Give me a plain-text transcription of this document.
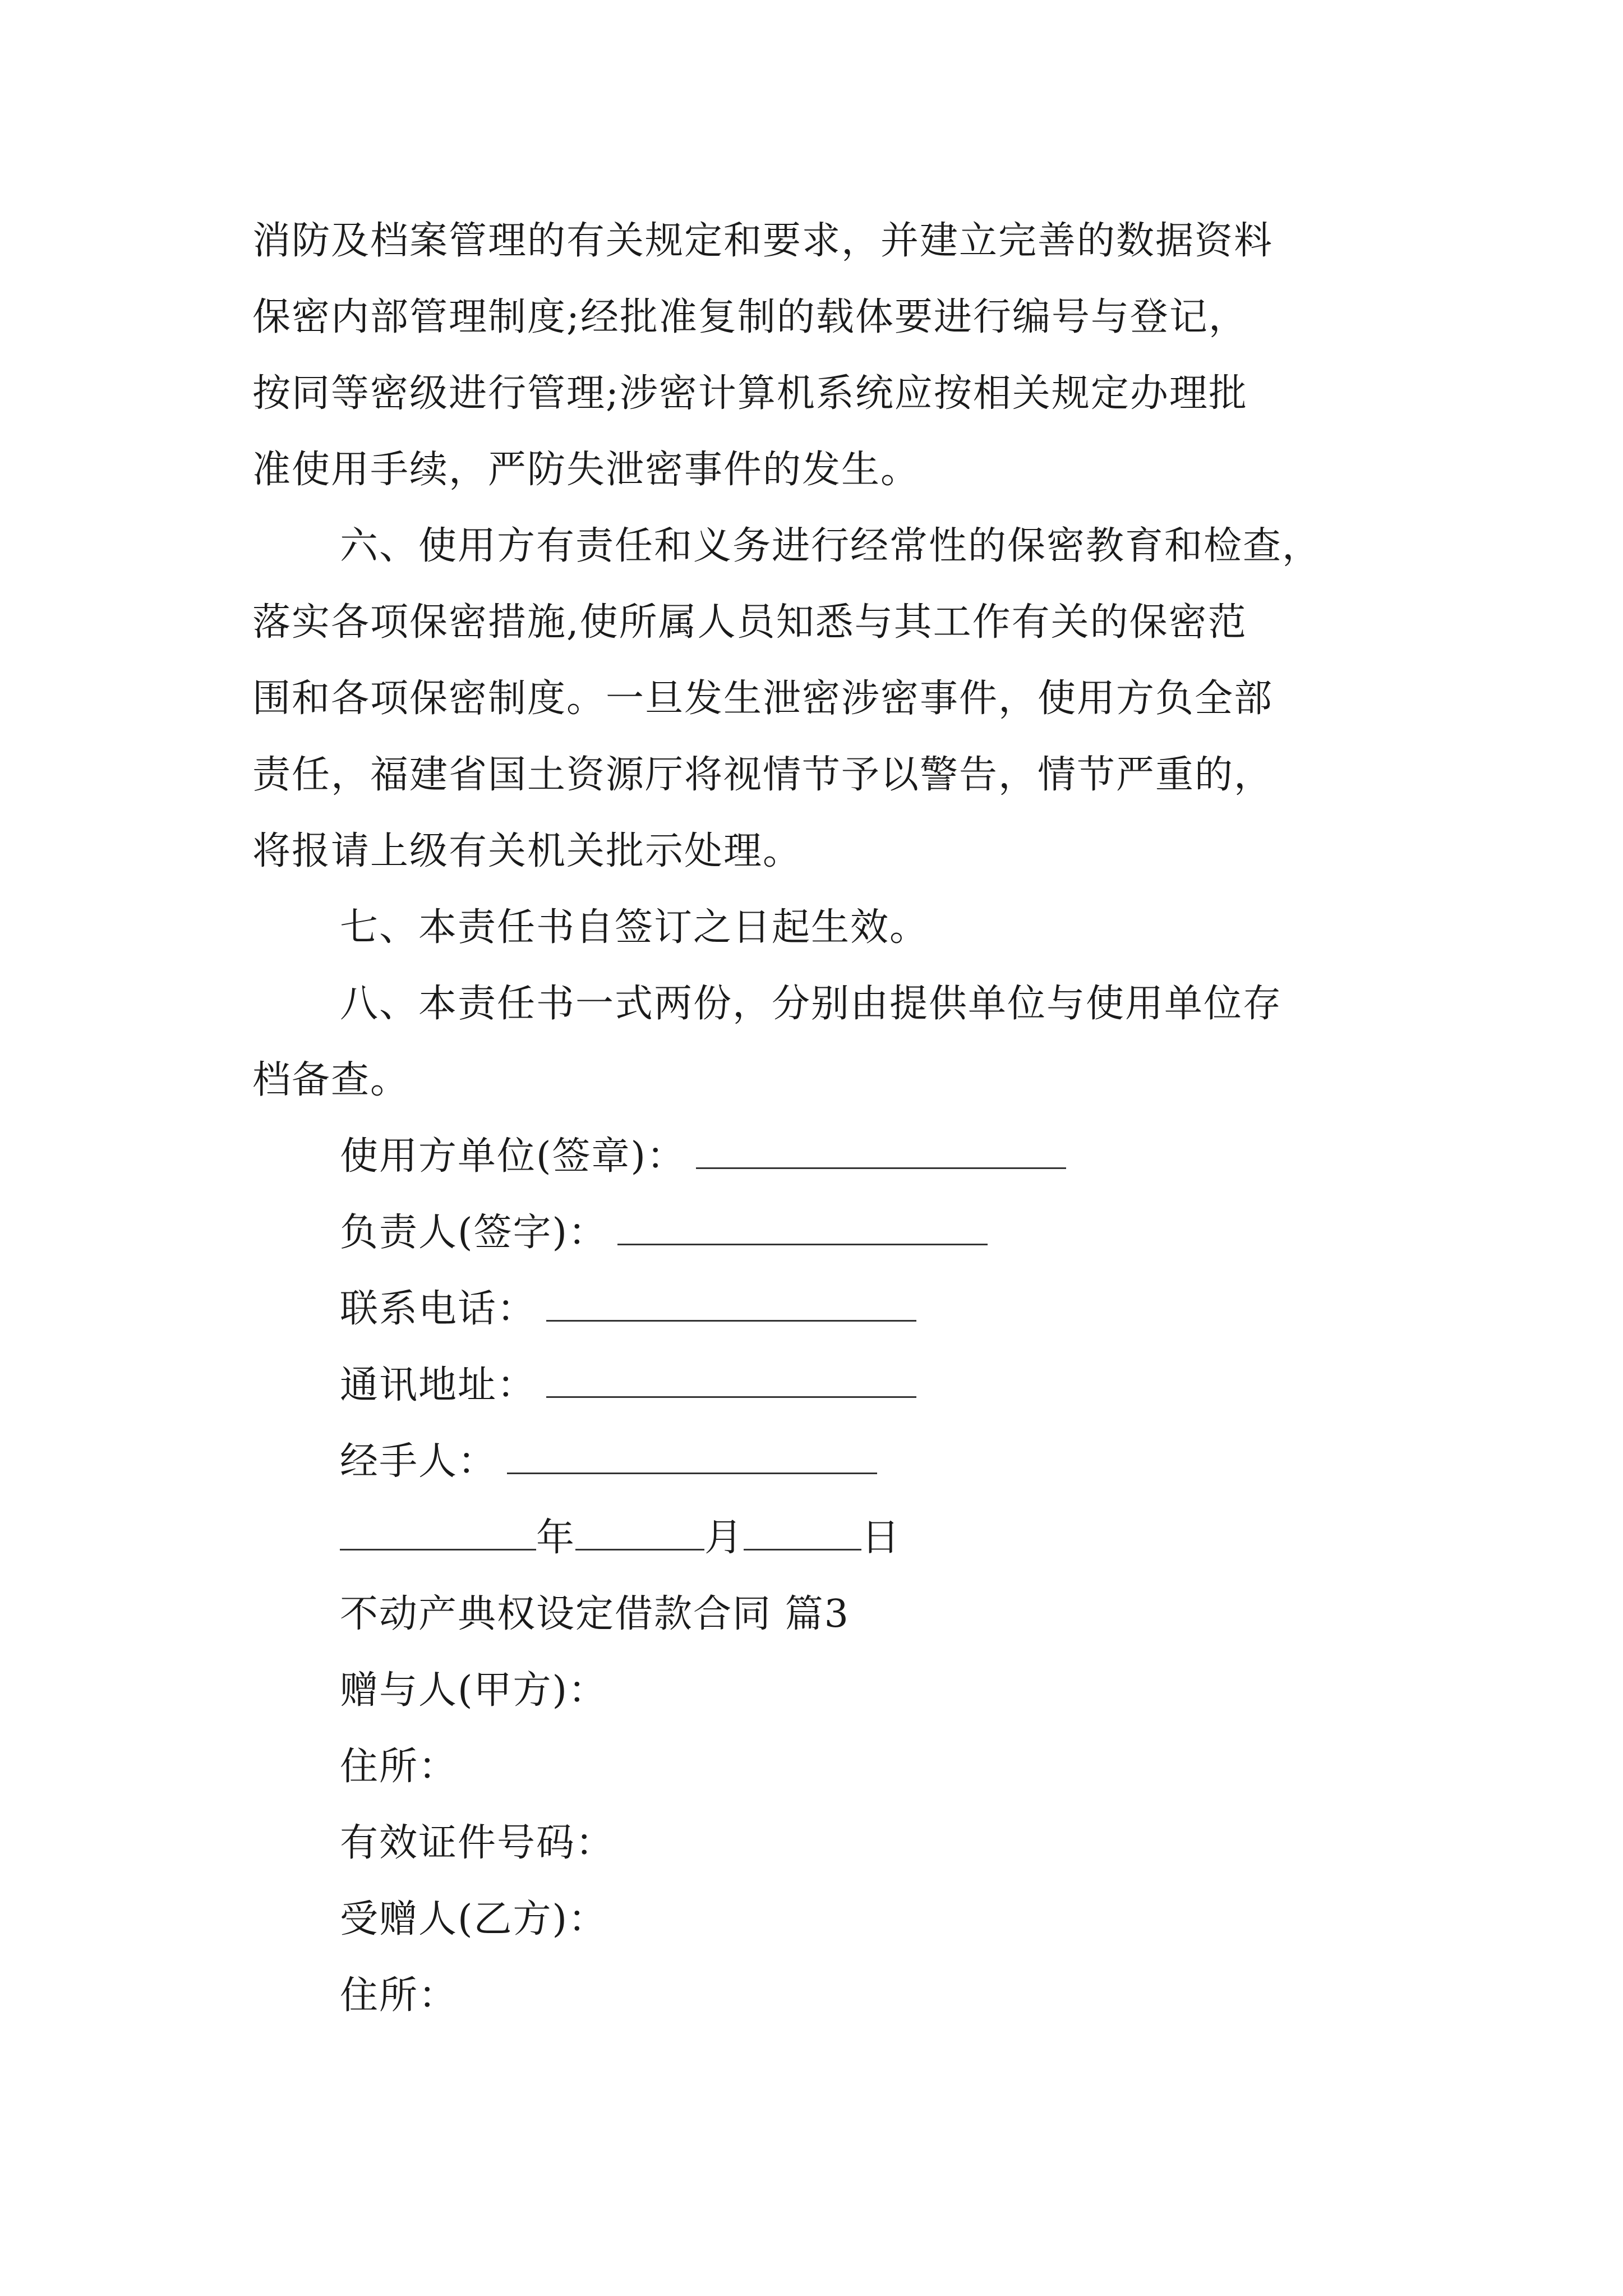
消防及档案管理的有关规定和要求，并建立完善的数据资料
保密内部管理制度;经批准复制的载体要进行编号与登记，
按同等密级进行管理;涉密计算机系统应按相关规定办理批
准使用手续，严防失泄密事件的发生。
六、使用方有责任和义务进行经常性的保密教育和检查，
落实各项保密措施,使所属人员知悉与其工作有关的保密范
围和各项保密制度。一旦发生泄密涉密事件，使用方负全部
责任，福建省国土资源厅将视情节予以警告，情节严重的，
将报请上级有关机关批示处理。
七、本责任书自签订之日起生效。
八、本责任书一式两份，分别由提供单位与使用单位存
档备查。
使用方单位(签章)：
负责人(签字)：
联系电话：
通讯地址：
经手人：
年	月	日
不动产典权设定借款合同 篇3
赠与人(甲方)：
住所：
有效证件号码：
受赠人(乙方)：
住所：
